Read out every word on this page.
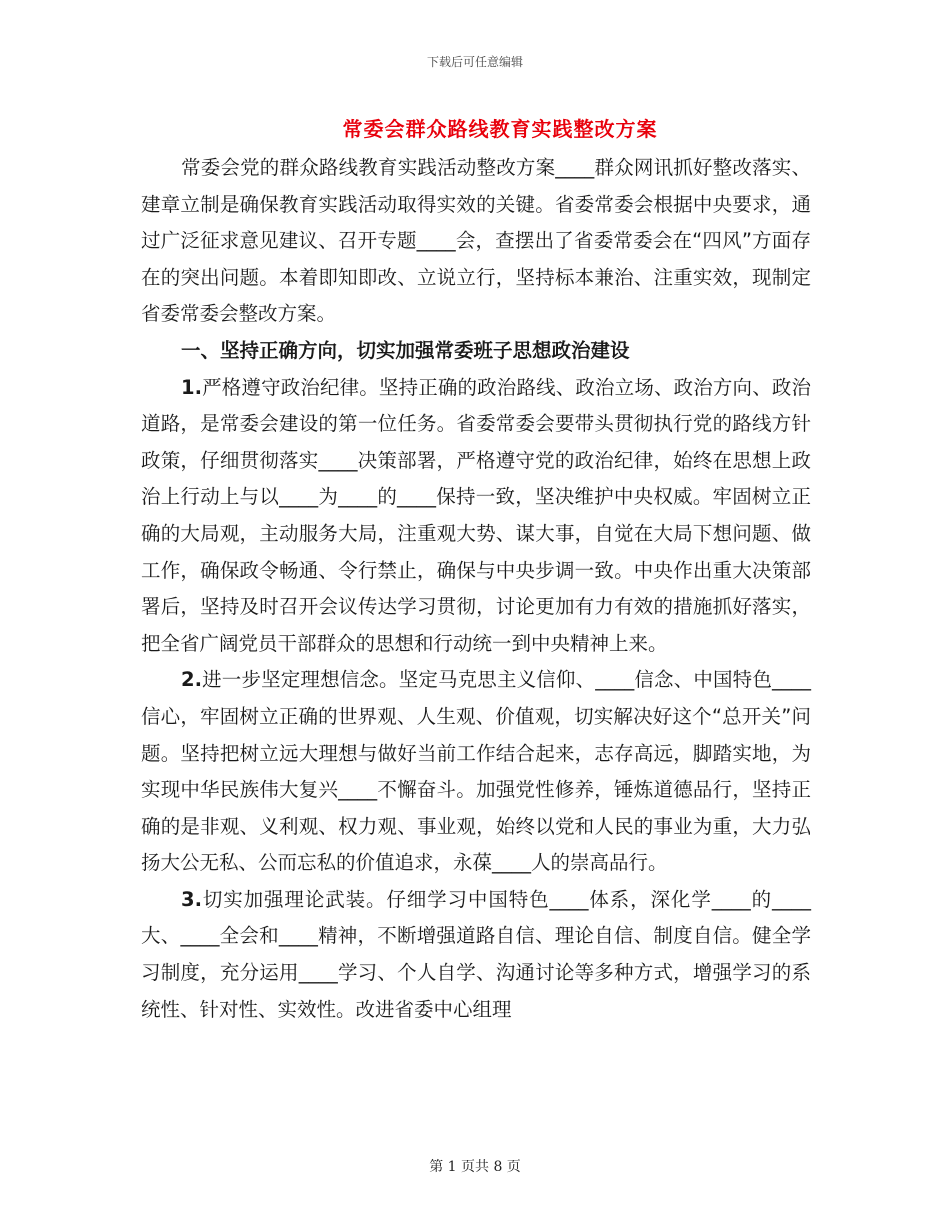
下载后可任意编辑
常委会群众路线教育实践整改方案

常委会党的群众路线教育实践活动整改方案____群众网讯抓好整改落实、建章立制是确保教育实践活动取得实效的关键。省委常委会根据中央要求，通过广泛征求意见建议、召开专题____会，查摆出了省委常委会在“四风”方面存在的突出问题。本着即知即改、立说立行，坚持标本兼治、注重实效，现制定省委常委会整改方案。

一、坚持正确方向，切实加强常委班子思想政治建设

1.严格遵守政治纪律。坚持正确的政治路线、政治立场、政治方向、政治道路，是常委会建设的第一位任务。省委常委会要带头贯彻执行党的路线方针政策，仔细贯彻落实____决策部署，严格遵守党的政治纪律，始终在思想上政治上行动上与以____为____的____保持一致，坚决维护中央权威。牢固树立正确的大局观，主动服务大局，注重观大势、谋大事，自觉在大局下想问题、做工作，确保政令畅通、令行禁止，确保与中央步调一致。中央作出重大决策部署后，坚持及时召开会议传达学习贯彻，讨论更加有力有效的措施抓好落实，把全省广阔党员干部群众的思想和行动统一到中央精神上来。

2.进一步坚定理想信念。坚定马克思主义信仰、____信念、中国特色____信心，牢固树立正确的世界观、人生观、价值观，切实解决好这个“总开关”问题。坚持把树立远大理想与做好当前工作结合起来，志存高远，脚踏实地，为实现中华民族伟大复兴____不懈奋斗。加强党性修养，锤炼道德品行，坚持正确的是非观、义利观、权力观、事业观，始终以党和人民的事业为重，大力弘扬大公无私、公而忘私的价值追求，永葆____人的崇高品行。

3.切实加强理论武装。仔细学习中国特色____体系，深化学____的____大、____全会和____精神，不断增强道路自信、理论自信、制度自信。健全学习制度，充分运用____学习、个人自学、沟通讨论等多种方式，增强学习的系统性、针对性、实效性。改进省委中心组理

第 1 页共 8 页
